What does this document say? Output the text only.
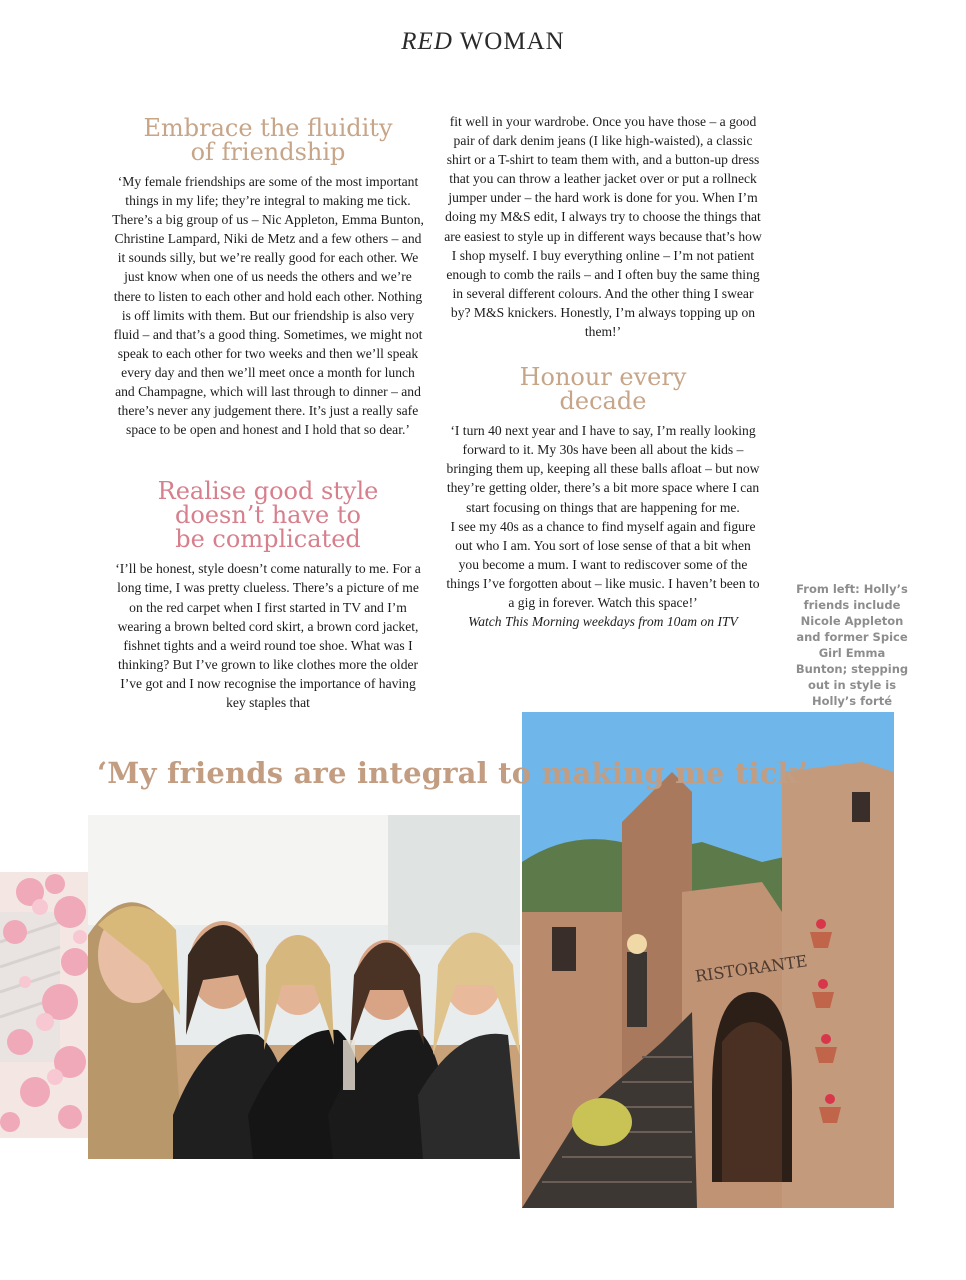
RED WOMAN
Embrace the fluidity
of friendship

‘My female friendships are some of the most important things in my life; they’re integral to making me tick. There’s a big group of us – Nic Appleton, Emma Bunton, Christine Lampard, Niki de Metz and a few others – and it sounds silly, but we’re really good for each other. We just know when one of us needs the others and we’re there to listen to each other and hold each other. Nothing is off limits with them. But our friendship is also very fluid – and that’s a good thing. Sometimes, we might not speak to each other for two weeks and then we’ll speak every day and then we’ll meet once a month for lunch and Champagne, which will last through to dinner – and there’s never any judgement there. It’s just a really safe space to be open and honest and I hold that so dear.’

Realise good style
doesn’t have to
be complicated

‘I’ll be honest, style doesn’t come naturally to me. For a long time, I was pretty clueless. There’s a picture of me on the red carpet when I first started in TV and I’m wearing a brown belted cord skirt, a brown cord jacket, fishnet tights and a weird round toe shoe. What was I thinking? But I’ve grown to like clothes more the older I’ve got and I now recognise the importance of having key staples that

fit well in your wardrobe. Once you have those – a good pair of dark denim jeans (I like high-waisted), a classic shirt or a T-shirt to team them with, and a button-up dress that you can throw a leather jacket over or put a rollneck jumper under – the hard work is done for you. When I’m doing my M&S edit, I always try to choose the things that are easiest to style up in different ways because that’s how I shop myself. I buy everything online – I’m not patient enough to comb the rails – and I often buy the same thing in several different colours. And the other thing I swear by? M&S knickers. Honestly, I’m always topping up on them!’

Honour every
decade

‘I turn 40 next year and I have to say, I’m really looking forward to it. My 30s have been all about the kids – bringing them up, keeping all these balls afloat – but now they’re getting older, there’s a bit more space where I can start focusing on things that are happening for me.

I see my 40s as a chance to find myself again and figure out who I am. You sort of lose sense of that a bit when you become a mum. I want to rediscover some of the things I’ve forgotten about – like music. I haven’t been to a gig in forever. Watch this space!’

Watch This Morning weekdays from 10am on ITV

From left: Holly’s friends include Nicole Appleton and former Spice Girl Emma Bunton; stepping out in style is Holly’s forté
RISTORANTE
‘My friends are integral to making me tick’
